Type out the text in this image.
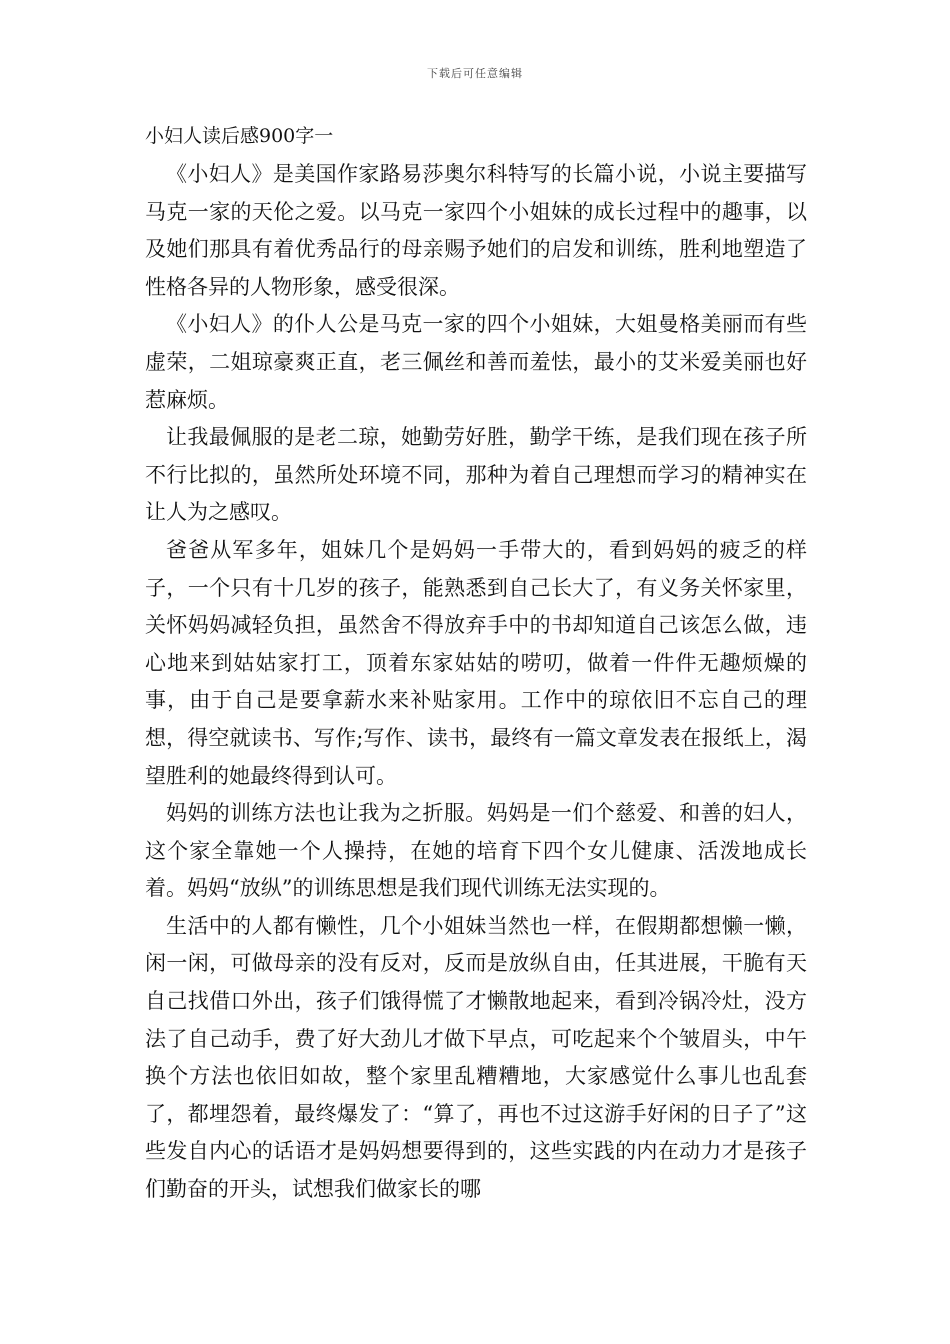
下载后可任意编辑
小妇人读后感900字一

《小妇人》是美国作家路易莎奥尔科特写的长篇小说，小说主要描写马克一家的天伦之爱。以马克一家四个小姐妹的成长过程中的趣事，以及她们那具有着优秀品行的母亲赐予她们的启发和训练，胜利地塑造了性格各异的人物形象，感受很深。

《小妇人》的仆人公是马克一家的四个小姐妹，大姐曼格美丽而有些虚荣，二姐琼豪爽正直，老三佩丝和善而羞怯，最小的艾米爱美丽也好惹麻烦。

让我最佩服的是老二琼，她勤劳好胜，勤学干练，是我们现在孩子所不行比拟的，虽然所处环境不同，那种为着自己理想而学习的精神实在让人为之感叹。

爸爸从军多年，姐妹几个是妈妈一手带大的，看到妈妈的疲乏的样子，一个只有十几岁的孩子，能熟悉到自己长大了，有义务关怀家里，关怀妈妈减轻负担，虽然舍不得放弃手中的书却知道自己该怎么做，违心地来到姑姑家打工，顶着东家姑姑的唠叨，做着一件件无趣烦燥的事，由于自己是要拿薪水来补贴家用。工作中的琼依旧不忘自己的理想，得空就读书、写作;写作、读书，最终有一篇文章发表在报纸上，渴望胜利的她最终得到认可。

妈妈的训练方法也让我为之折服。妈妈是一们个慈爱、和善的妇人，这个家全靠她一个人操持，在她的培育下四个女儿健康、活泼地成长着。妈妈“放纵”的训练思想是我们现代训练无法实现的。

生活中的人都有懒性，几个小姐妹当然也一样，在假期都想懒一懒，闲一闲，可做母亲的没有反对，反而是放纵自由，任其进展，干脆有天自己找借口外出，孩子们饿得慌了才懒散地起来，看到冷锅冷灶，没方法了自己动手，费了好大劲儿才做下早点，可吃起来个个皱眉头，中午换个方法也依旧如故，整个家里乱糟糟地，大家感觉什么事儿也乱套了，都埋怨着，最终爆发了：“算了，再也不过这游手好闲的日子了”这些发自内心的话语才是妈妈想要得到的，这些实践的内在动力才是孩子们勤奋的开头，试想我们做家长的哪
